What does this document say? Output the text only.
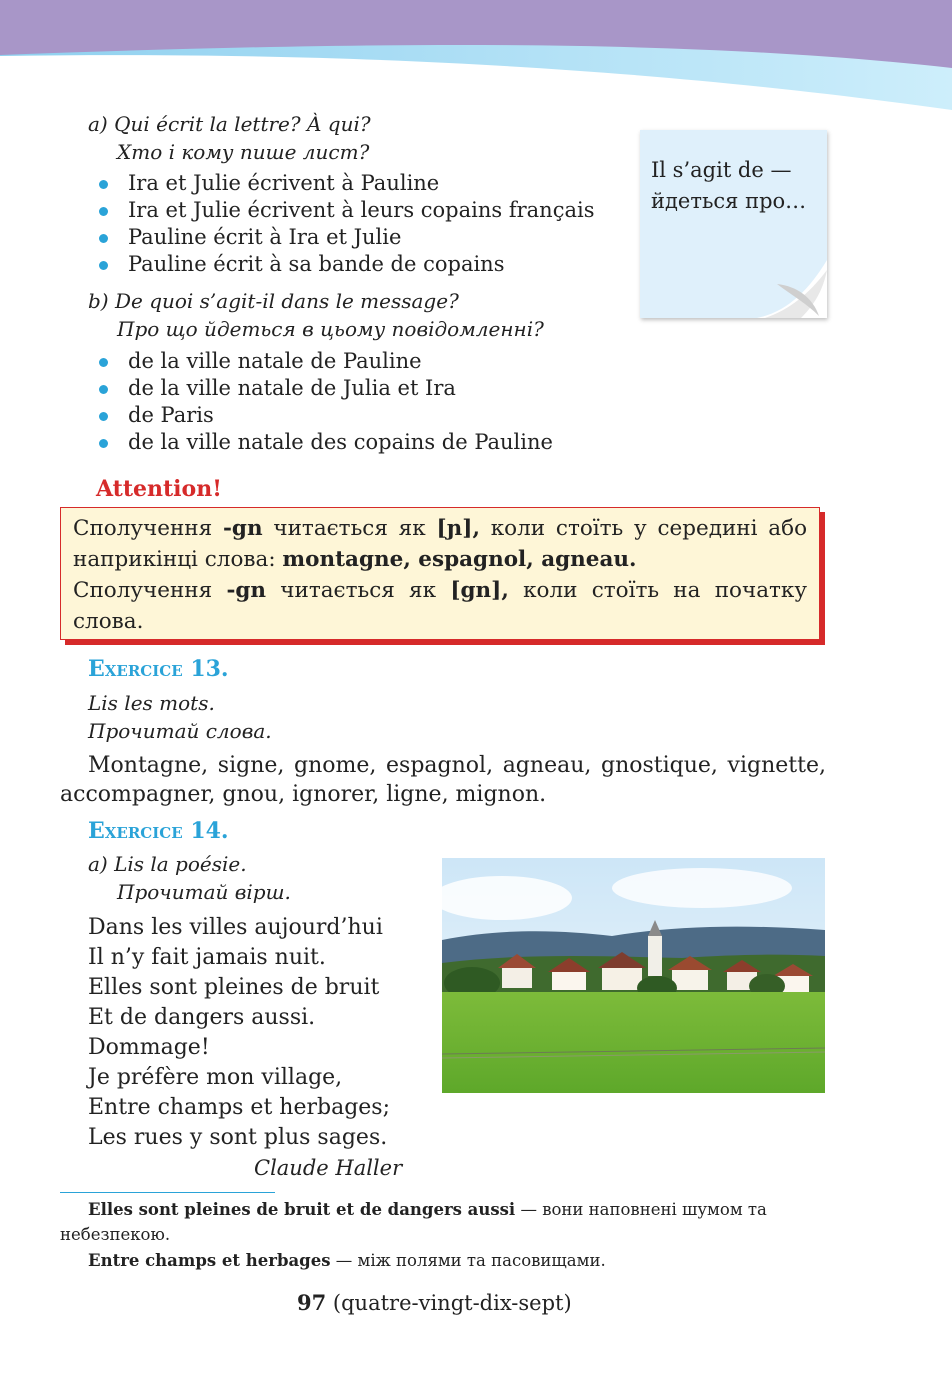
a) Qui écrit la lettre? À qui?
Хто і кому пише лист?
Ira et Julie écrivent à Pauline
Ira et Julie écrivent à leurs copains français
Pauline écrit à Ira et Julie
Pauline écrit à sa bande de copains
b) De quoi s’agit-il dans le message?
Про що йдеться в цьому повідомленні?
de la ville natale de Pauline
de la ville natale de Julia et Ira
de Paris
de la ville natale des copains de Pauline
Il s’agit de —
йдеться про…
Attention!
Сполучення -gn читається як [ɲ], коли стоїть у середині або наприкінці слова: montagne, espagnol, agneau.
Сполучення -gn читається як [gn], коли стоїть на початку слова.
Exercice 13.
Lis les mots.
Прочитай слова.
Montagne, signe, gnome, espagnol, agneau, gnostique, vignette, accompagner, gnou, ignorer, ligne, mignon.
Exercice 14.
a) Lis la poésie.
Прочитай вірш.
Dans les villes aujourd’hui
Il n’y fait jamais nuit.
Elles sont pleines de bruit
Et de dangers aussi.
Dommage!
Je préfère mon village,
Entre champs et herbages;
Les rues y sont plus sages.
Claude Haller
Elles sont pleines de bruit et de dangers aussi — вони наповнені шумом та небезпекою.
Entre champs et herbages — між полями та пасовищами.
97 (quatre-vingt-dix-sept)
